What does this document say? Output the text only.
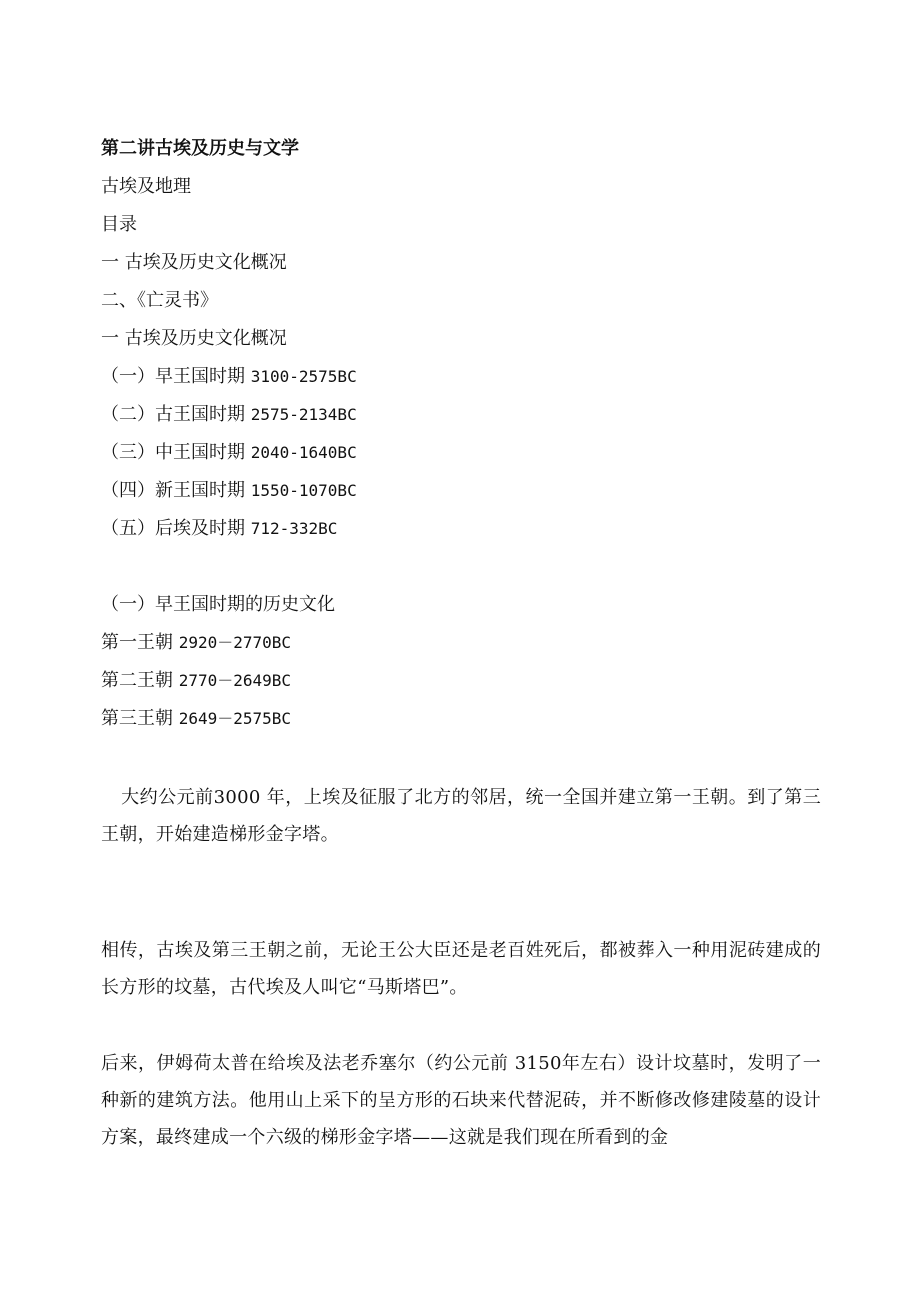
第二讲古埃及历史与文学
古埃及地理
目录
一 古埃及历史文化概况
二、《亡灵书》
一 古埃及历史文化概况
（一）早王国时期 3100-2575BC
（二）古王国时期 2575-2134BC
（三）中王国时期 2040-1640BC
（四）新王国时期 1550-1070BC
（五）后埃及时期 712-332BC
（一）早王国时期的历史文化
第一王朝 2920－2770BC
第二王朝 2770－2649BC
第三王朝 2649－2575BC
大约公元前3000 年，上埃及征服了北方的邻居，统一全国并建立第一王朝。到了第三王朝，开始建造梯形金字塔。
相传，古埃及第三王朝之前，无论王公大臣还是老百姓死后，都被葬入一种用泥砖建成的长方形的坟墓，古代埃及人叫它“马斯塔巴”。
后来，伊姆荷太普在给埃及法老乔塞尔（约公元前 3150年左右）设计坟墓时，发明了一种新的建筑方法。他用山上采下的呈方形的石块来代替泥砖，并不断修改修建陵墓的设计方案，最终建成一个六级的梯形金字塔——这就是我们现在所看到的金
